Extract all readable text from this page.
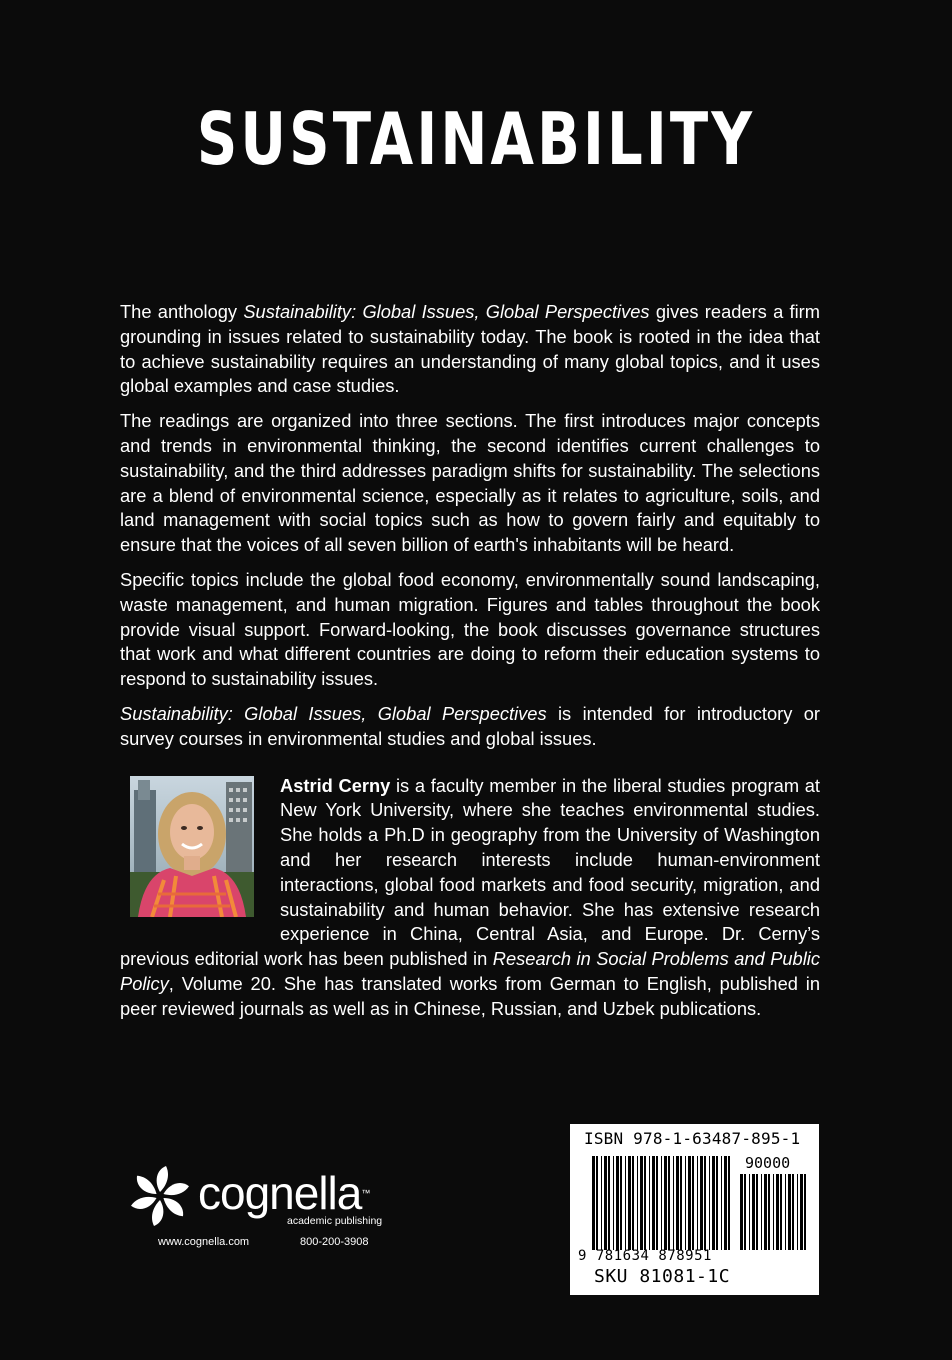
SUSTAINABILITY

The anthology Sustainability: Global Issues, Global Perspectives gives readers a firm grounding in issues related to sustainability today. The book is rooted in the idea that to achieve sustainability requires an understanding of many global topics, and it uses global examples and case studies.

The readings are organized into three sections. The first introduces major concepts and trends in environmental thinking, the second identifies current challenges to sustainability, and the third addresses paradigm shifts for sustainability. The selections are a blend of environmental science, especially as it relates to agriculture, soils, and land management with social topics such as how to govern fairly and equitably to ensure that the voices of all seven billion of earth's inhabitants will be heard.

Specific topics include the global food economy, environmentally sound landscaping, waste management, and human migration. Figures and tables throughout the book provide visual support. Forward-looking, the book discusses governance structures that work and what different countries are doing to reform their education systems to respond to sustainability issues.

Sustainability: Global Issues, Global Perspectives is intended for introductory or survey courses in environmental studies and global issues.

Astrid Cerny is a faculty member in the liberal studies program at New York University, where she teaches environmental studies. She holds a Ph.D in geography from the University of Washington and her research interests include human-environment interactions, global food markets and food security, migration, and sustainability and human behavior. She has extensive research experience in China, Central Asia, and Europe. Dr. Cerny’s previous editorial work has been published in Research in Social Problems and Public Policy, Volume 20. She has translated works from German to English, published in peer reviewed journals as well as in Chinese, Russian, and Uzbek publications.

cognella™
academic publishing
www.cognella.com	800-200-3908
ISBN 978-1-63487-895-1
90000
9 781634 878951
SKU 81081-1C
